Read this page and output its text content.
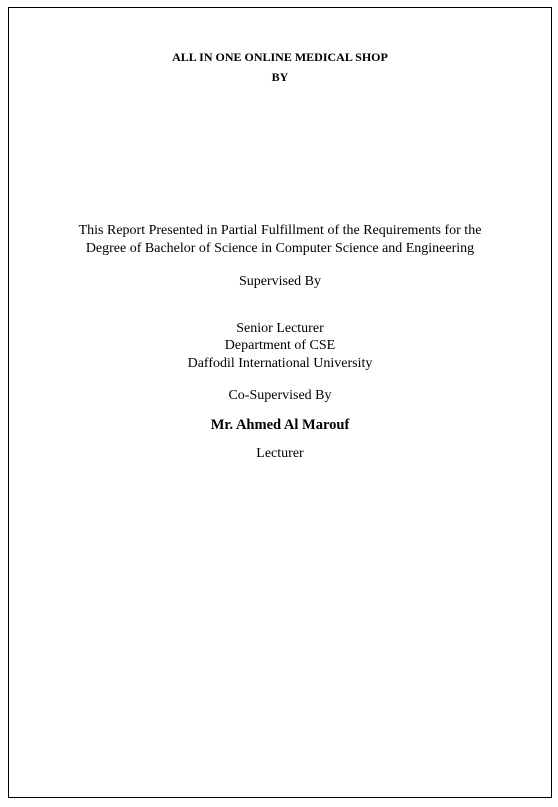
ALL IN ONE ONLINE MEDICAL SHOP
BY
This Report Presented in Partial Fulfillment of the Requirements for the
Degree of Bachelor of Science in Computer Science and Engineering
Supervised By
Senior Lecturer
Department of CSE
Daffodil International University
Co-Supervised By
Mr. Ahmed Al Marouf
Lecturer
